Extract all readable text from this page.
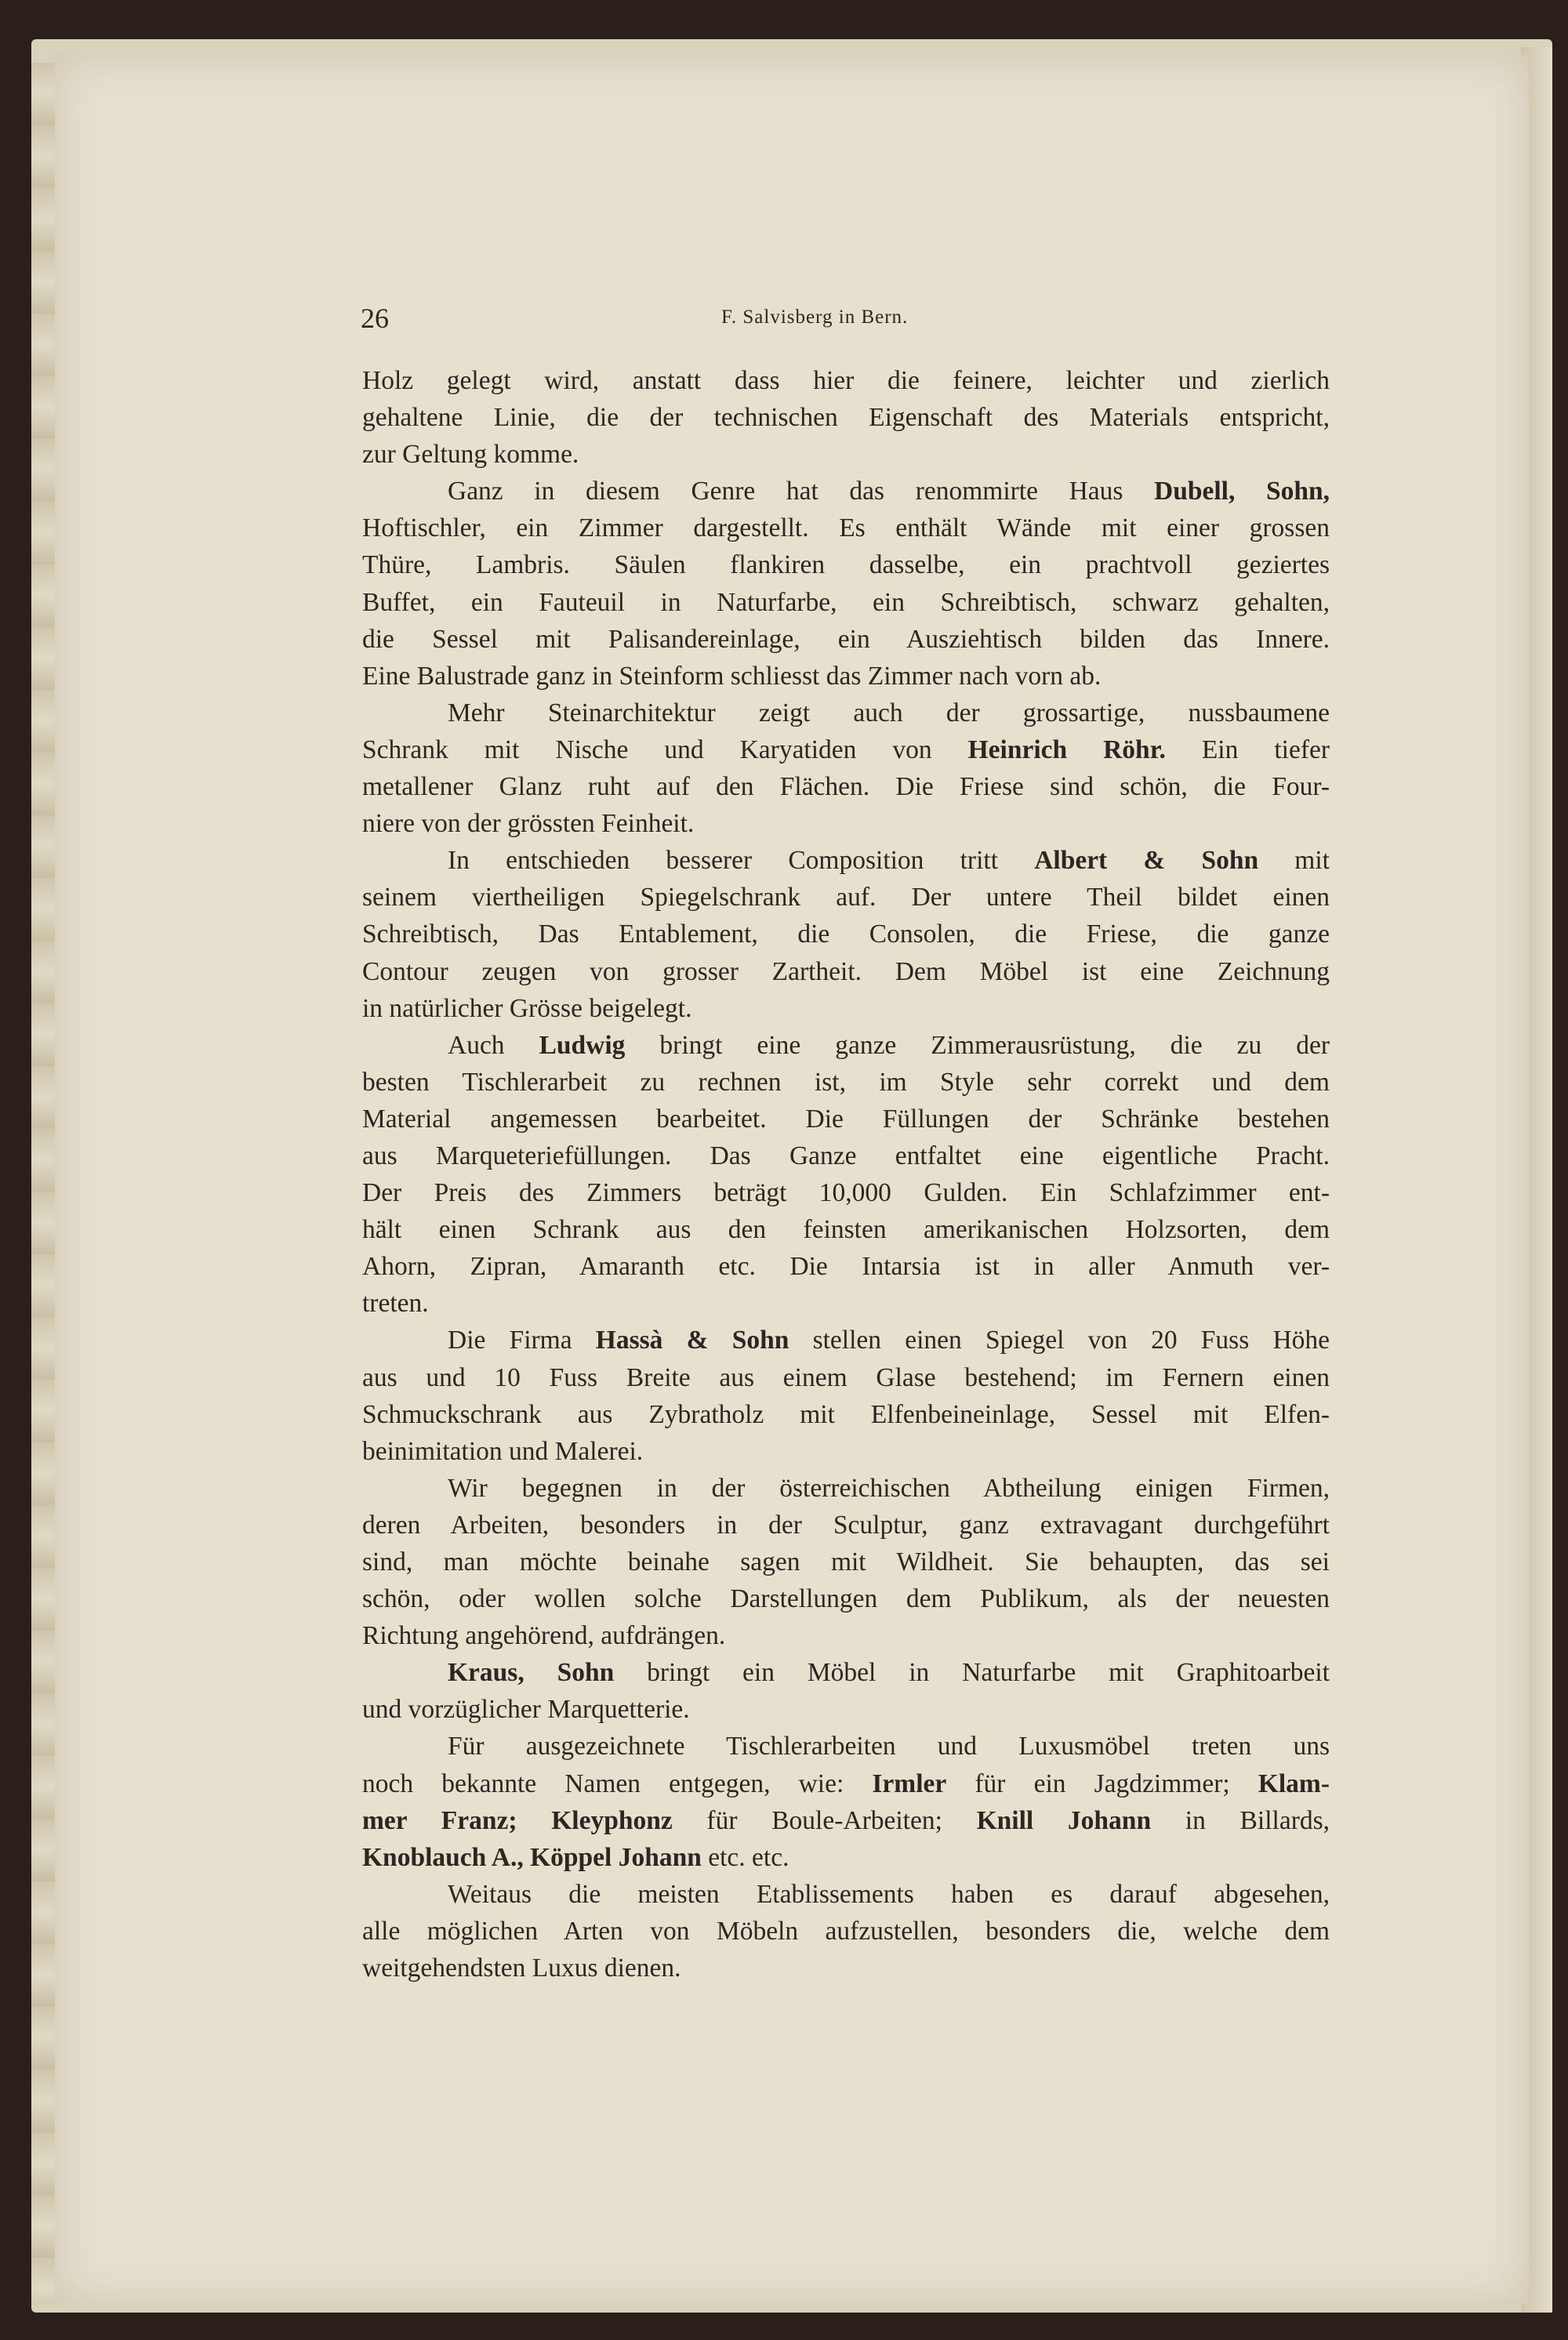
26	F. Salvisberg in Bern.
Holz gelegt wird, anstatt dass hier die feinere, leichter und zierlich
gehaltene Linie, die der technischen Eigenschaft des Materials entspricht,
zur Geltung komme.
Ganz in diesem Genre hat das renommirte Haus Dubell, Sohn,
Hoftischler, ein Zimmer dargestellt. Es enthält Wände mit einer grossen
Thüre, Lambris. Säulen flankiren dasselbe, ein prachtvoll geziertes
Buffet, ein Fauteuil in Naturfarbe, ein Schreibtisch, schwarz gehalten,
die Sessel mit Palisandereinlage, ein Ausziehtisch bilden das Innere.
Eine Balustrade ganz in Steinform schliesst das Zimmer nach vorn ab.
Mehr Steinarchitektur zeigt auch der grossartige, nussbaumene
Schrank mit Nische und Karyatiden von Heinrich Röhr. Ein tiefer
metallener Glanz ruht auf den Flächen. Die Friese sind schön, die Four-
niere von der grössten Feinheit.
In entschieden besserer Composition tritt Albert & Sohn mit
seinem viertheiligen Spiegelschrank auf. Der untere Theil bildet einen
Schreibtisch, Das Entablement, die Consolen, die Friese, die ganze
Contour zeugen von grosser Zartheit. Dem Möbel ist eine Zeichnung
in natürlicher Grösse beigelegt.
Auch Ludwig bringt eine ganze Zimmerausrüstung, die zu der
besten Tischlerarbeit zu rechnen ist, im Style sehr correkt und dem
Material angemessen bearbeitet. Die Füllungen der Schränke bestehen
aus Marqueteriefüllungen. Das Ganze entfaltet eine eigentliche Pracht.
Der Preis des Zimmers beträgt 10,000 Gulden. Ein Schlafzimmer ent-
hält einen Schrank aus den feinsten amerikanischen Holzsorten, dem
Ahorn, Zipran, Amaranth etc. Die Intarsia ist in aller Anmuth ver-
treten.
Die Firma Hassà & Sohn stellen einen Spiegel von 20 Fuss Höhe
aus und 10 Fuss Breite aus einem Glase bestehend; im Fernern einen
Schmuckschrank aus Zybratholz mit Elfenbeineinlage, Sessel mit Elfen-
beinimitation und Malerei.
Wir begegnen in der österreichischen Abtheilung einigen Firmen,
deren Arbeiten, besonders in der Sculptur, ganz extravagant durchgeführt
sind, man möchte beinahe sagen mit Wildheit. Sie behaupten, das sei
schön, oder wollen solche Darstellungen dem Publikum, als der neuesten
Richtung angehörend, aufdrängen.
Kraus, Sohn bringt ein Möbel in Naturfarbe mit Graphitoarbeit
und vorzüglicher Marquetterie.
Für ausgezeichnete Tischlerarbeiten und Luxusmöbel treten uns
noch bekannte Namen entgegen, wie: Irmler für ein Jagdzimmer; Klam-
mer Franz; Kleyphonz für Boule-Arbeiten; Knill Johann in Billards,
Knoblauch A., Köppel Johann etc. etc.
Weitaus die meisten Etablissements haben es darauf abgesehen,
alle möglichen Arten von Möbeln aufzustellen, besonders die, welche dem
weitgehendsten Luxus dienen.
